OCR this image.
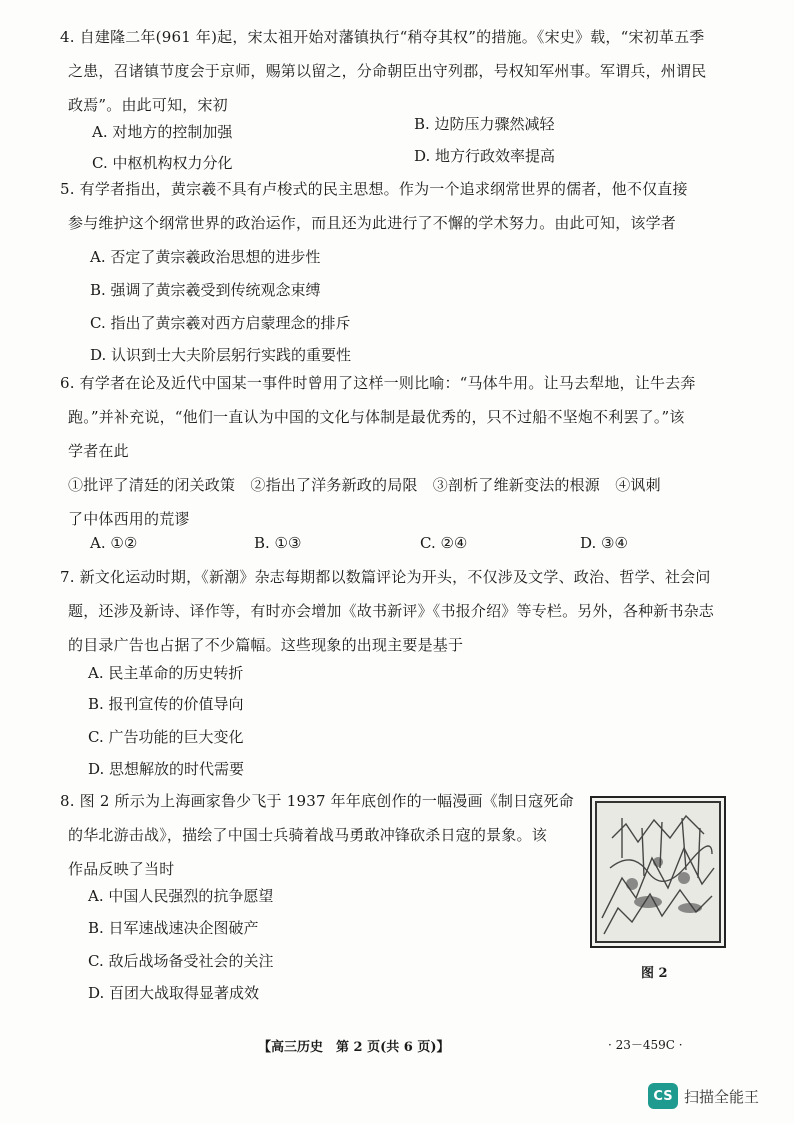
4. 自建隆二年(961 年)起，宋太祖开始对藩镇执行“稍夺其权”的措施。《宋史》载，“宋初革五季
之患，召诸镇节度会于京师，赐第以留之，分命朝臣出守列郡，号权知军州事。军谓兵，州谓民
政焉”。由此可知，宋初
A. 对地方的控制加强	B. 边防压力骤然减轻
C. 中枢机构权力分化	D. 地方行政效率提高
5. 有学者指出，黄宗羲不具有卢梭式的民主思想。作为一个追求纲常世界的儒者，他不仅直接
参与维护这个纲常世界的政治运作，而且还为此进行了不懈的学术努力。由此可知，该学者
A. 否定了黄宗羲政治思想的进步性
B. 强调了黄宗羲受到传统观念束缚
C. 指出了黄宗羲对西方启蒙理念的排斥
D. 认识到士大夫阶层躬行实践的重要性
6. 有学者在论及近代中国某一事件时曾用了这样一则比喻：“马体牛用。让马去犁地，让牛去奔
跑。”并补充说，“他们一直认为中国的文化与体制是最优秀的，只不过船不坚炮不利罢了。”该
学者在此
①批评了清廷的闭关政策　②指出了洋务新政的局限　③剖析了维新变法的根源　④讽刺
了中体西用的荒谬
A. ①②	B. ①③	C. ②④	D. ③④
7. 新文化运动时期，《新潮》杂志每期都以数篇评论为开头，不仅涉及文学、政治、哲学、社会问
题，还涉及新诗、译作等，有时亦会增加《故书新评》《书报介绍》等专栏。另外，各种新书杂志
的目录广告也占据了不少篇幅。这些现象的出现主要是基于
A. 民主革命的历史转折
B. 报刊宣传的价值导向
C. 广告功能的巨大变化
D. 思想解放的时代需要
8. 图 2 所示为上海画家鲁少飞于 1937 年年底创作的一幅漫画《制日寇死命
的华北游击战》，描绘了中国士兵骑着战马勇敢冲锋砍杀日寇的景象。该
作品反映了当时
A. 中国人民强烈的抗争愿望
B. 日军速战速决企图破产
C. 敌后战场备受社会的关注
D. 百团大战取得显著成效
图 2
【高三历史　第 2 页(共 6 页)】	· 23－459C ·
CS 扫描全能王
